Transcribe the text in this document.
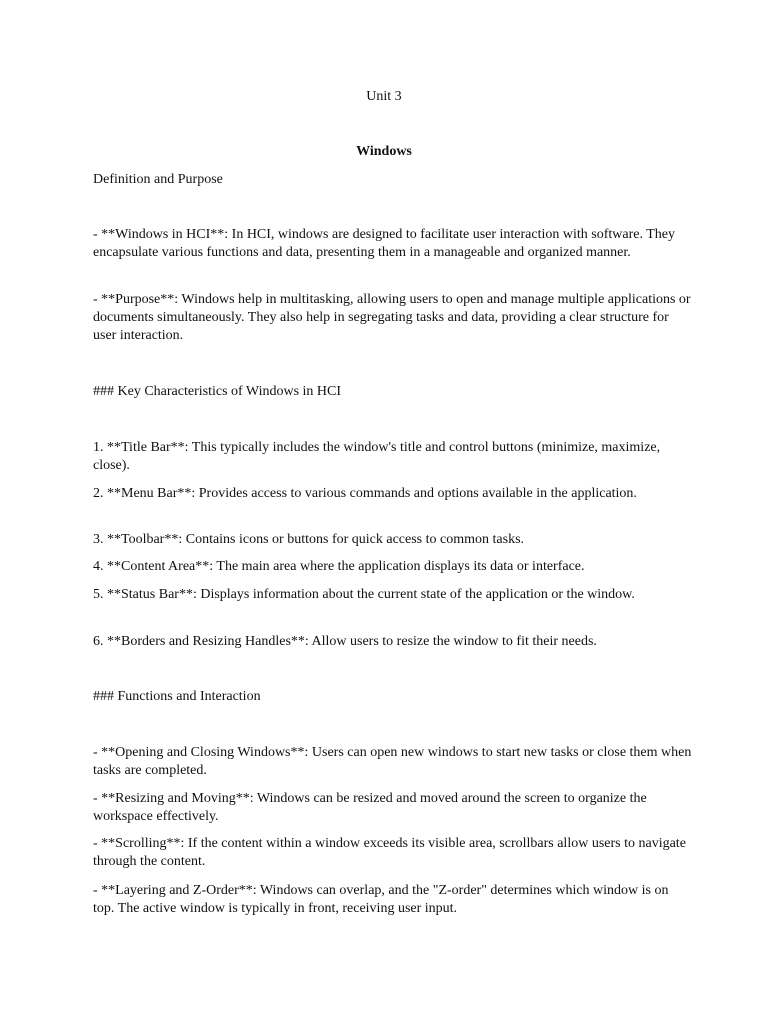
Unit 3
Windows

Definition and Purpose

- **Windows in HCI**: In HCI, windows are designed to facilitate user interaction with software. They encapsulate various functions and data, presenting them in a manageable and organized manner.

- **Purpose**: Windows help in multitasking, allowing users to open and manage multiple applications or documents simultaneously. They also help in segregating tasks and data, providing a clear structure for user interaction.

### Key Characteristics of Windows in HCI

1. **Title Bar**: This typically includes the window's title and control buttons (minimize, maximize, close).

2. **Menu Bar**: Provides access to various commands and options available in the application.

3. **Toolbar**: Contains icons or buttons for quick access to common tasks.

4. **Content Area**: The main area where the application displays its data or interface.

5. **Status Bar**: Displays information about the current state of the application or the window.

6. **Borders and Resizing Handles**: Allow users to resize the window to fit their needs.

### Functions and Interaction

- **Opening and Closing Windows**: Users can open new windows to start new tasks or close them when tasks are completed.

- **Resizing and Moving**: Windows can be resized and moved around the screen to organize the workspace effectively.

- **Scrolling**: If the content within a window exceeds its visible area, scrollbars allow users to navigate through the content.

- **Layering and Z-Order**: Windows can overlap, and the "Z-order" determines which window is on top. The active window is typically in front, receiving user input.
